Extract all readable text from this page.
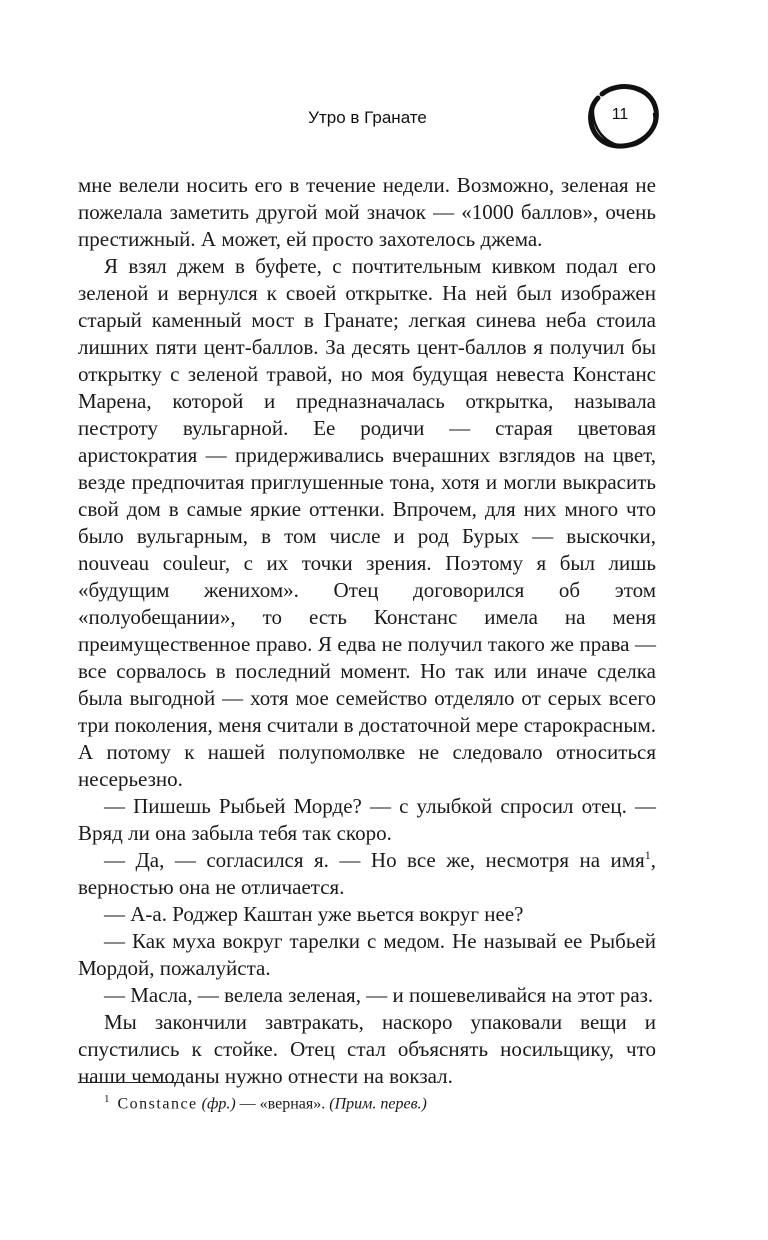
Утро в Гранате	11

мне велели носить его в течение недели. Возможно, зеленая не пожелала заметить другой мой значок — «1000 баллов», очень престижный. А может, ей просто захотелось джема.

Я взял джем в буфете, с почтительным кивком подал его зеленой и вернулся к своей открытке. На ней был изображен старый каменный мост в Гранате; легкая синева неба стоила лишних пяти цент-баллов. За десять цент-баллов я получил бы открытку с зеленой травой, но моя будущая невеста Констанс Марена, которой и предназначалась открытка, называла пестроту вульгарной. Ее родичи — старая цветовая аристократия — придерживались вчерашних взглядов на цвет, везде предпочитая приглушенные тона, хотя и могли выкрасить свой дом в самые яркие оттенки. Впрочем, для них много что было вульгарным, в том числе и род Бурых — выскочки, nouveau couleur, с их точки зрения. Поэтому я был лишь «будущим женихом». Отец договорился об этом «полуобещании», то есть Констанс имела на меня преимущественное право. Я едва не получил такого же права — все сорвалось в последний момент. Но так или иначе сделка была выгодной — хотя мое семейство отделяло от серых всего три поколения, меня считали в достаточной мере старокрасным. А потому к нашей полупомолвке не следовало относиться несерьезно.

— Пишешь Рыбьей Морде? — с улыбкой спросил отец. — Вряд ли она забыла тебя так скоро.

— Да, — согласился я. — Но все же, несмотря на имя$^1$, верностью она не отличается.

— А-а. Роджер Каштан уже вьется вокруг нее?

— Как муха вокруг тарелки с медом. Не называй ее Рыбьей Мордой, пожалуйста.

— Масла, — велела зеленая, — и пошевеливайся на этот раз.

Мы закончили завтракать, наскоро упаковали вещи и спустились к стойке. Отец стал объяснять носильщику, что наши чемоданы нужно отнести на вокзал.

$^1$ Constance (фр.) — «верная». (Прим. перев.)
